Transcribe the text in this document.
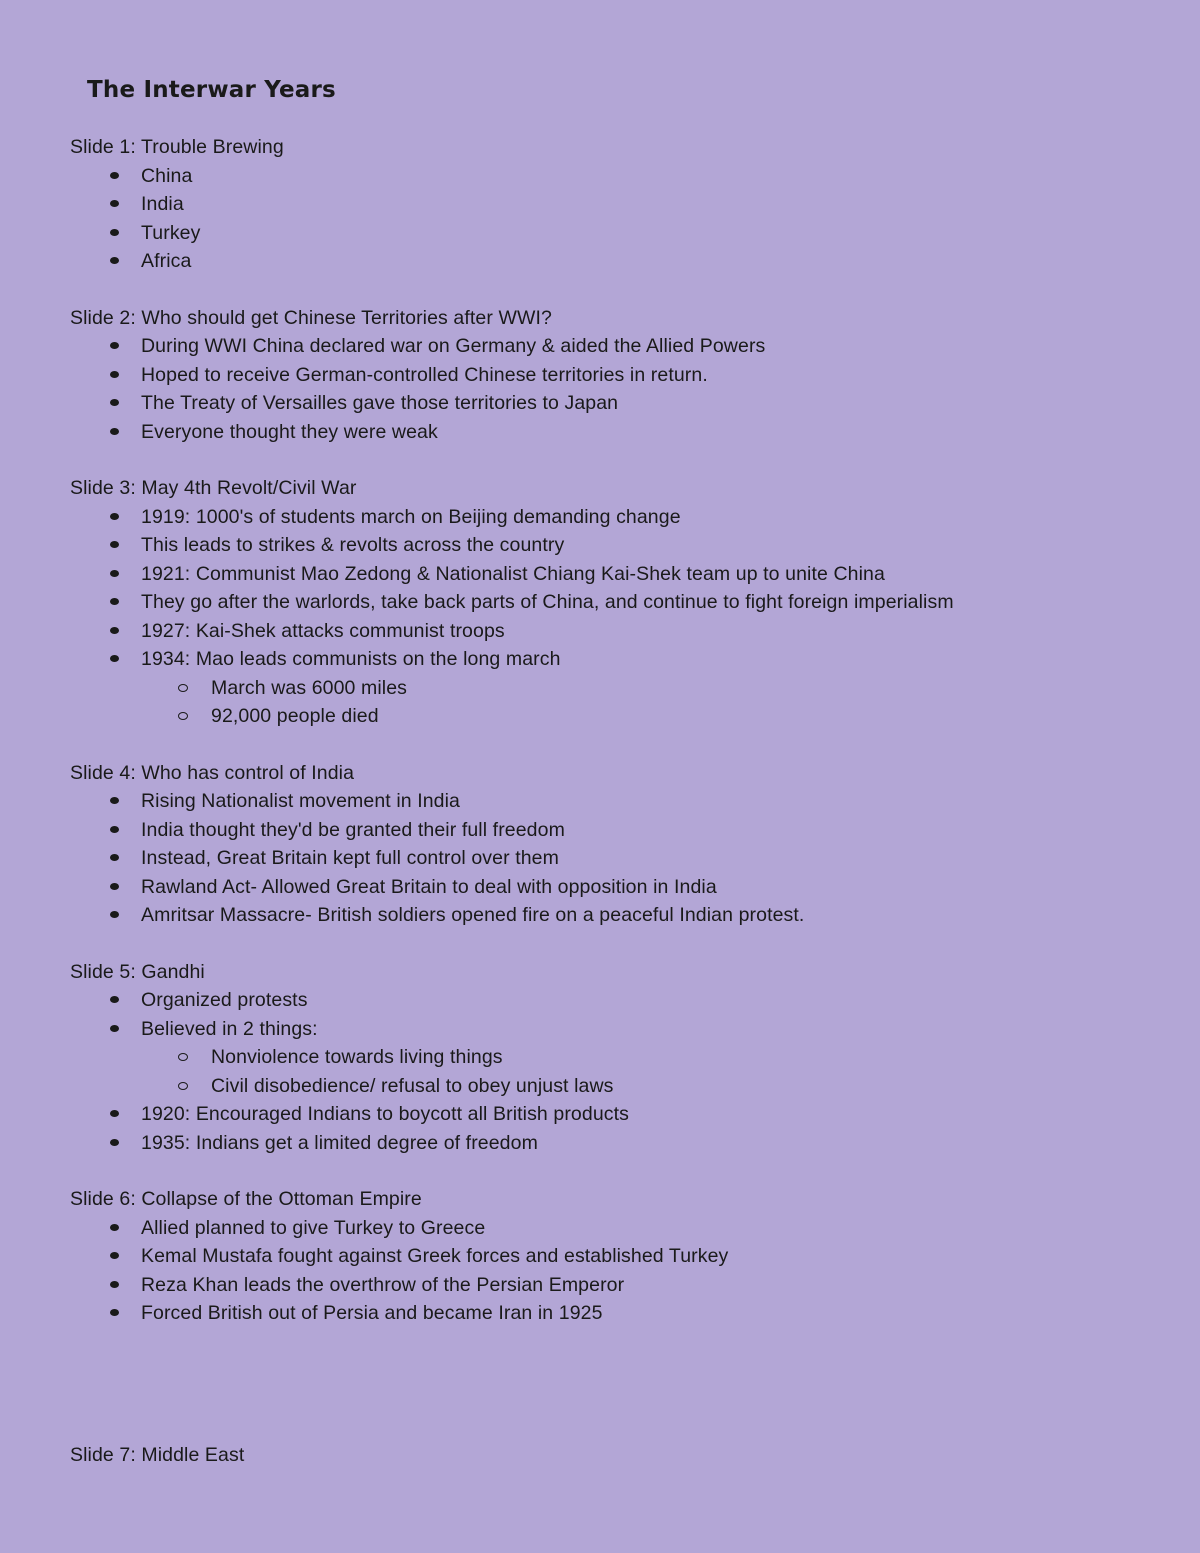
The Interwar Years
Slide 1: Trouble Brewing
China
India
Turkey
Africa
Slide 2: Who should get Chinese Territories after WWI?
During WWI China declared war on Germany & aided the Allied Powers
Hoped to receive German-controlled Chinese territories in return.
The Treaty of Versailles gave those territories to Japan
Everyone thought they were weak
Slide 3: May 4th Revolt/Civil War
1919: 1000's of students march on Beijing demanding change
This leads to strikes & revolts across the country
1921: Communist Mao Zedong & Nationalist Chiang Kai-Shek team up to unite China
They go after the warlords, take back parts of China, and continue to fight foreign imperialism
1927: Kai-Shek attacks communist troops
1934: Mao leads communists on the long march
March was 6000 miles
92,000 people died
Slide 4: Who has control of India
Rising Nationalist movement in India
India thought they'd be granted their full freedom
Instead, Great Britain kept full control over them
Rawland Act- Allowed Great Britain to deal with opposition in India
Amritsar Massacre- British soldiers opened fire on a peaceful Indian protest.
Slide 5: Gandhi
Organized protests
Believed in 2 things:
Nonviolence towards living things
Civil disobedience/ refusal to obey unjust laws
1920: Encouraged Indians to boycott all British products
1935: Indians get a limited degree of freedom
Slide 6: Collapse of the Ottoman Empire
Allied planned to give Turkey to Greece
Kemal Mustafa fought against Greek forces and established Turkey
Reza Khan leads the overthrow of the Persian Emperor
Forced British out of Persia and became Iran in 1925
Slide 7: Middle East
